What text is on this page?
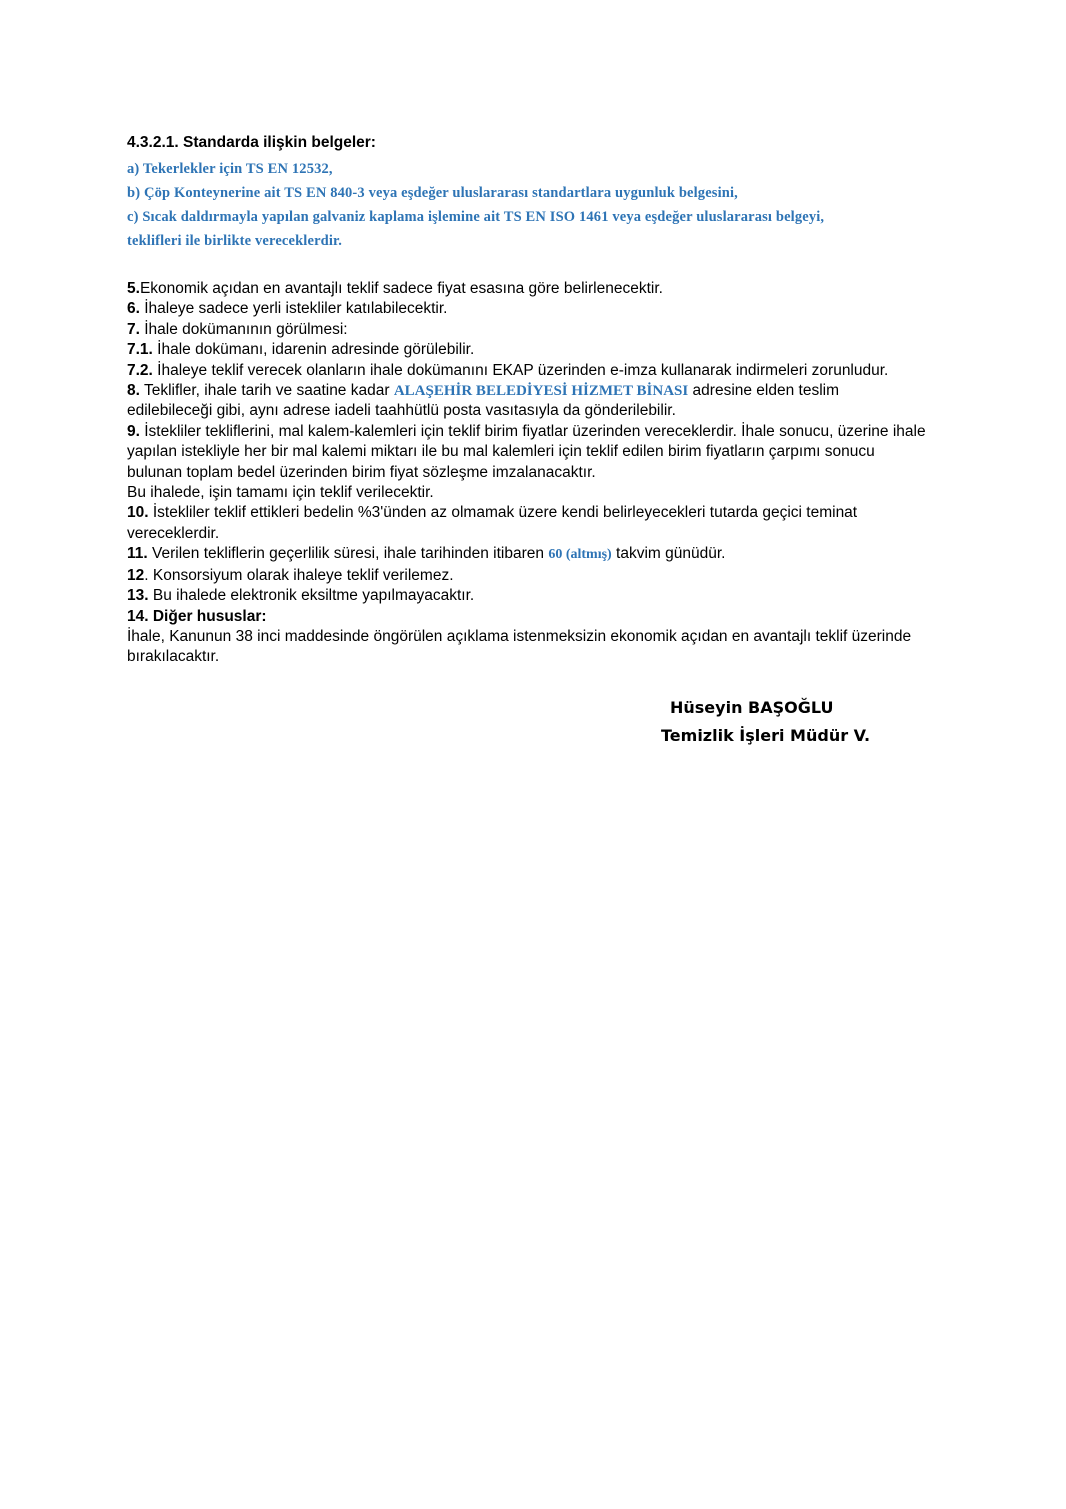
4.3.2.1. Standarda ilişkin belgeler:
a) Tekerlekler için TS EN 12532,
b) Çöp Konteynerine ait TS EN 840-3 veya eşdeğer uluslararası standartlara uygunluk belgesini,
c) Sıcak daldırmayla yapılan galvaniz kaplama işlemine ait TS EN ISO 1461 veya eşdeğer uluslararası belgeyi,
teklifleri ile birlikte vereceklerdir.
5.Ekonomik açıdan en avantajlı teklif sadece fiyat esasına göre belirlenecektir.
6. İhaleye sadece yerli istekliler katılabilecektir.
7. İhale dokümanının görülmesi:
7.1. İhale dokümanı, idarenin adresinde görülebilir.
7.2. İhaleye teklif verecek olanların ihale dokümanını EKAP üzerinden e-imza kullanarak indirmeleri zorunludur.
8. Teklifler, ihale tarih ve saatine kadar ALAŞEHİR BELEDİYESİ HİZMET BİNASI adresine elden teslim edilebileceği gibi, aynı adrese iadeli taahhütlü posta vasıtasıyla da gönderilebilir.
9. İstekliler tekliflerini, mal kalem-kalemleri için teklif birim fiyatlar üzerinden vereceklerdir. İhale sonucu, üzerine ihale yapılan istekliyle her bir mal kalemi miktarı ile bu mal kalemleri için teklif edilen birim fiyatların çarpımı sonucu bulunan toplam bedel üzerinden birim fiyat sözleşme imzalanacaktır.
Bu ihalede, işin tamamı için teklif verilecektir.
10. İstekliler teklif ettikleri bedelin %3'ünden az olmamak üzere kendi belirleyecekleri tutarda geçici teminat vereceklerdir.
11. Verilen tekliflerin geçerlilik süresi, ihale tarihinden itibaren 60 (altmış) takvim günüdür.
12. Konsorsiyum olarak ihaleye teklif verilemez.
13. Bu ihalede elektronik eksiltme yapılmayacaktır.
14. Diğer hususlar:
İhale, Kanunun 38 inci maddesinde öngörülen açıklama istenmeksizin ekonomik açıdan en avantajlı teklif üzerinde bırakılacaktır.
Hüseyin BAŞOĞLU
Temizlik İşleri Müdür V.
